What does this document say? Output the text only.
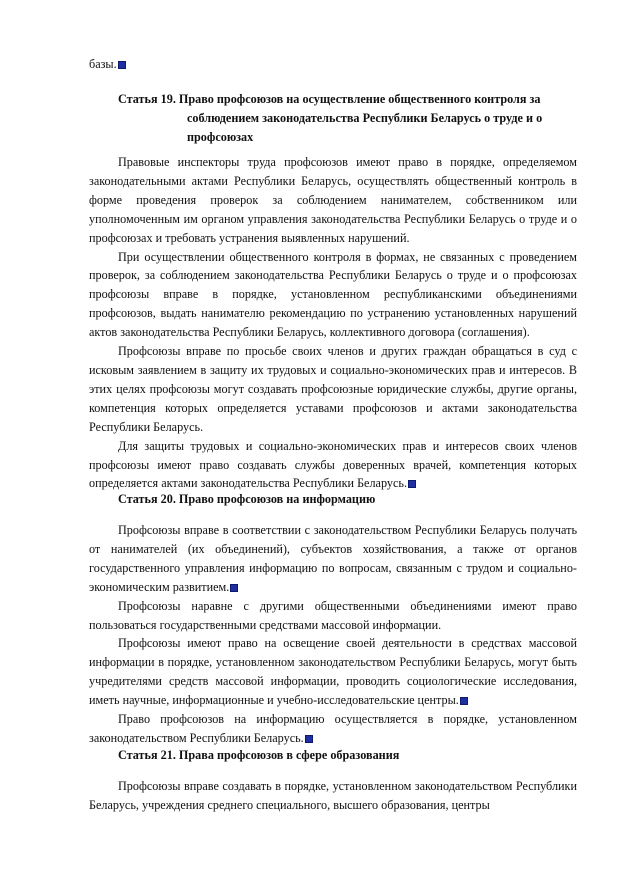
базы.

Статья 19. Право профсоюзов на осуществление общественного контроля за

соблюдением законодательства Республики Беларусь о труде и о

профсоюзах

Правовые инспекторы труда профсоюзов имеют право в порядке, определяемом законодательными актами Республики Беларусь, осуществлять общественный контроль в форме проведения проверок за соблюдением нанимателем, собственником или уполномоченным им органом управления законодательства Республики Беларусь о труде и о профсоюзах и требовать устранения выявленных нарушений.

При осуществлении общественного контроля в формах, не связанных с проведением проверок, за соблюдением законодательства Республики Беларусь о труде и о профсоюзах профсоюзы вправе в порядке, установленном республиканскими объединениями профсоюзов, выдать нанимателю рекомендацию по устранению установленных нарушений актов законодательства Республики Беларусь, коллективного договора (соглашения).

Профсоюзы вправе по просьбе своих членов и других граждан обращаться в суд с исковым заявлением в защиту их трудовых и социально-экономических прав и интересов. В этих целях профсоюзы могут создавать профсоюзные юридические службы, другие органы, компетенция которых определяется уставами профсоюзов и актами законодательства Республики Беларусь.

Для защиты трудовых и социально-экономических прав и интересов своих членов профсоюзы имеют право создавать службы доверенных врачей, компетенция которых определяется актами законодательства Республики Беларусь.

Статья 20. Право профсоюзов на информацию

Профсоюзы вправе в соответствии с законодательством Республики Беларусь получать от нанимателей (их объединений), субъектов хозяйствования, а также от органов государственного управления информацию по вопросам, связанным с трудом и социально-экономическим развитием.

Профсоюзы наравне с другими общественными объединениями имеют право пользоваться государственными средствами массовой информации.

Профсоюзы имеют право на освещение своей деятельности в средствах массовой информации в порядке, установленном законодательством Республики Беларусь, могут быть учредителями средств массовой информации, проводить социологические исследования, иметь научные, информационные и учебно-исследовательские центры.

Право профсоюзов на информацию осуществляется в порядке, установленном законодательством Республики Беларусь.

Статья 21. Права профсоюзов в сфере образования

Профсоюзы вправе создавать в порядке, установленном законодательством Республики Беларусь, учреждения среднего специального, высшего образования, центры
